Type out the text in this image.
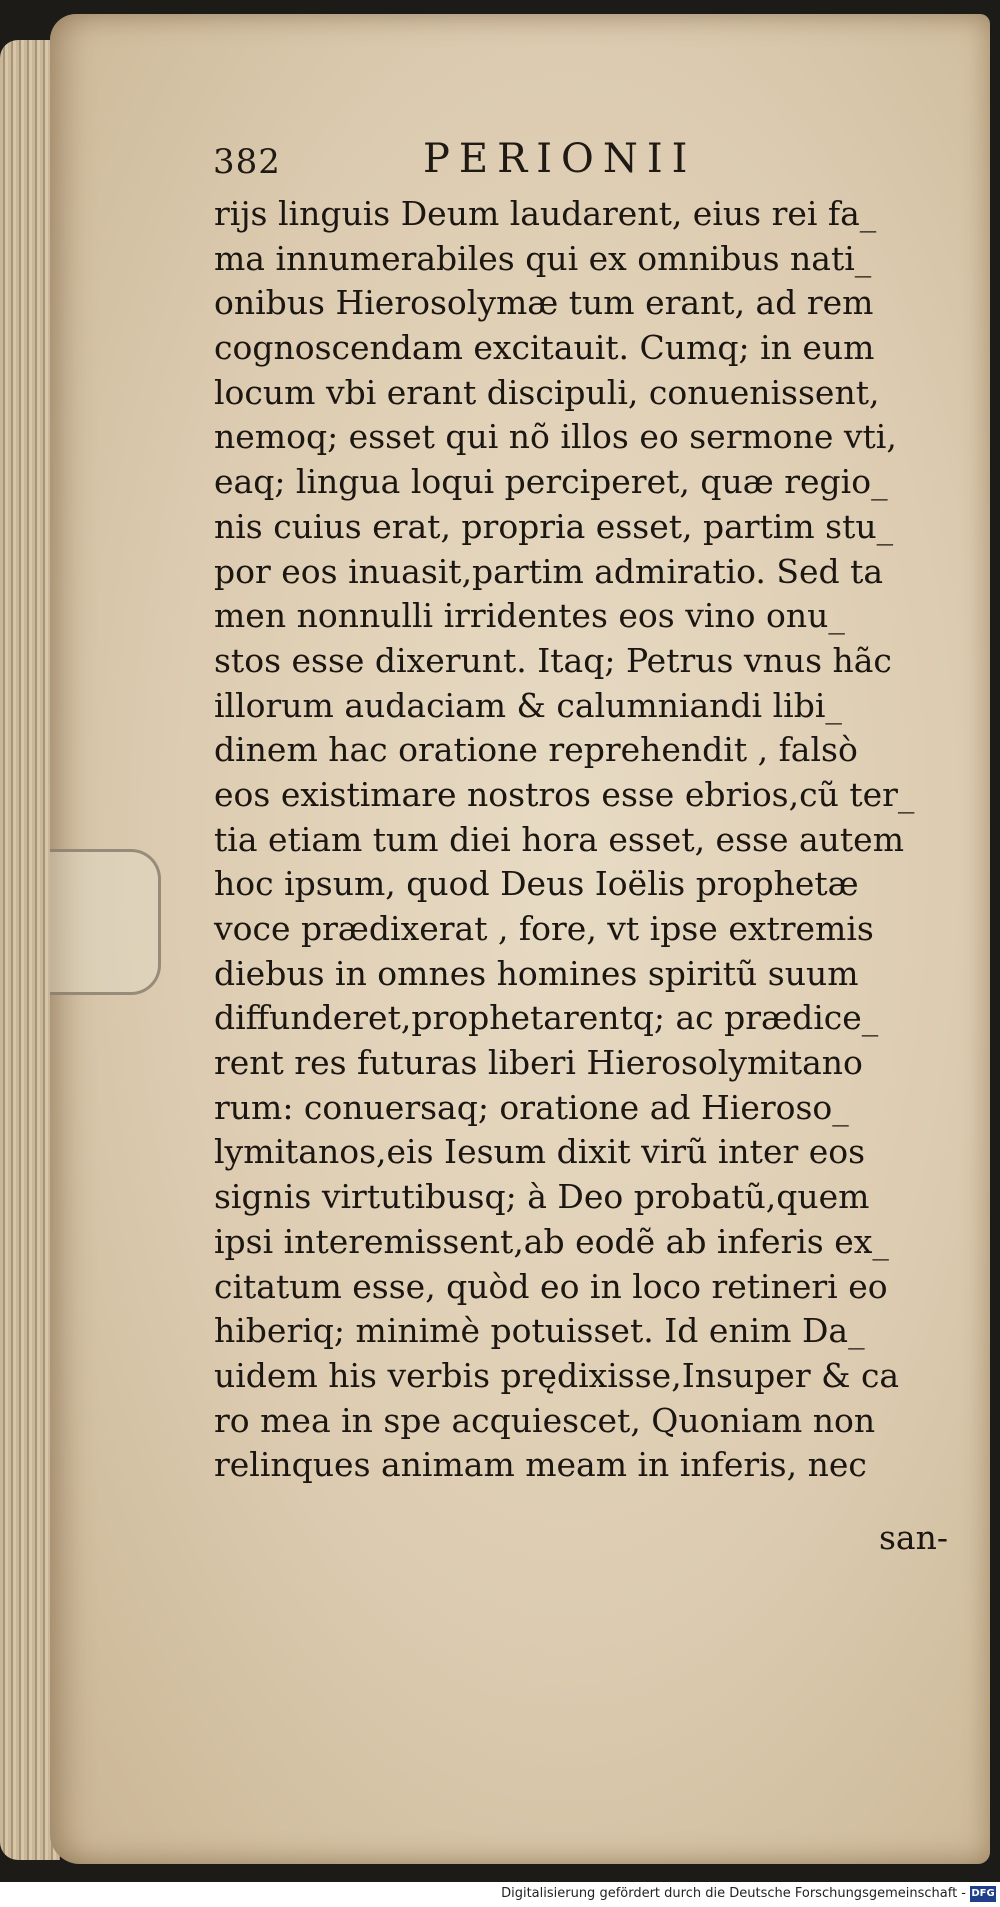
382	PERIONII
rijs linguis Deum laudarent, eius rei fa_
ma innumerabiles qui ex omnibus nati_
onibus Hierosolymæ tum erant, ad rem
cognoscendam excitauit. Cumq; in eum
locum vbi erant discipuli, conuenissent,
nemoq; esset qui nõ illos eo sermone vti,
eaq; lingua loqui perciperet, quæ regio_
nis cuius erat, propria esset, partim stu_
por eos inuasit,partim admiratio. Sed ta
men nonnulli irridentes eos vino onu_
stos esse dixerunt. Itaq; Petrus vnus hãc
illorum audaciam & calumniandi libi_
dinem hac oratione reprehendit , falsò
eos existimare nostros esse ebrios,cũ ter_
tia etiam tum diei hora esset, esse autem
hoc ipsum, quod Deus Ioëlis prophetæ
voce prædixerat , fore, vt ipse extremis
diebus in omnes homines spiritũ suum
diffunderet,prophetarentq; ac prædice_
rent res futuras liberi Hierosolymitano
rum: conuersaq; oratione ad Hieroso_
lymitanos,eis Iesum dixit virũ inter eos
signis virtutibusq; à Deo probatũ,quem
ipsi interemissent,ab eodẽ ab inferis ex_
citatum esse, quòd eo in loco retineri eo
hiberiq; minimè potuisset. Id enim Da_
uidem his verbis prędixisse,Insuper & ca
ro mea in spe acquiescet, Quoniam non
relinques animam meam in inferis, nec
san-
Digitalisierung gefördert durch die Deutsche Forschungsgemeinschaft - DFG
